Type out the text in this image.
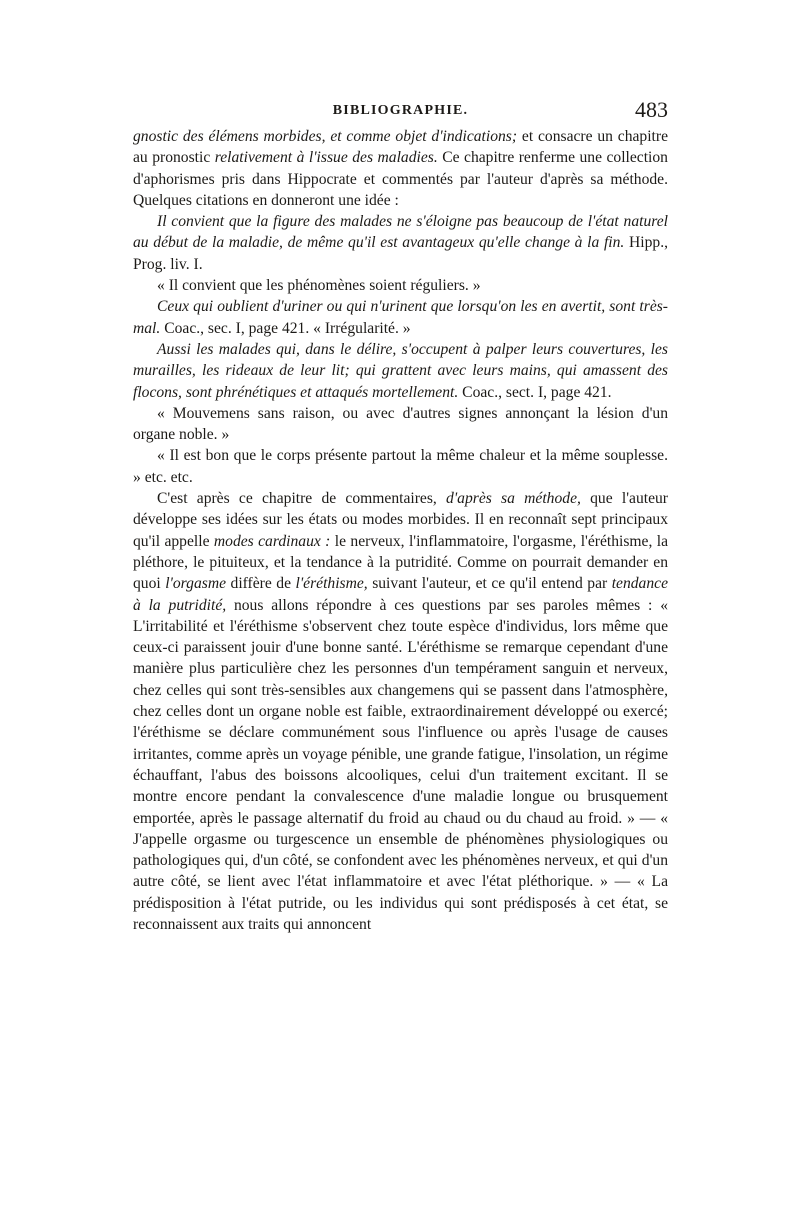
BIBLIOGRAPHIE.	483

gnostic des élémens morbides, et comme objet d'indications; et consacre un chapitre au pronostic relativement à l'issue des maladies. Ce chapitre renferme une collection d'aphorismes pris dans Hippocrate et commentés par l'auteur d'après sa méthode. Quelques citations en donneront une idée :

Il convient que la figure des malades ne s'éloigne pas beaucoup de l'état naturel au début de la maladie, de même qu'il est avantageux qu'elle change à la fin. Hipp., Prog. liv. I.

« Il convient que les phénomènes soient réguliers. »

Ceux qui oublient d'uriner ou qui n'urinent que lorsqu'on les en avertit, sont très-mal. Coac., sec. I, page 421. « Irrégularité. »

Aussi les malades qui, dans le délire, s'occupent à palper leurs couvertures, les murailles, les rideaux de leur lit; qui grattent avec leurs mains, qui amassent des flocons, sont phrénétiques et attaqués mortellement. Coac., sect. I, page 421.

« Mouvemens sans raison, ou avec d'autres signes annonçant la lésion d'un organe noble. »

« Il est bon que le corps présente partout la même chaleur et la même souplesse. » etc. etc.

C'est après ce chapitre de commentaires, d'après sa méthode, que l'auteur développe ses idées sur les états ou modes morbides. Il en reconnaît sept principaux qu'il appelle modes cardinaux : le nerveux, l'inflammatoire, l'orgasme, l'éréthisme, la pléthore, le pituiteux, et la tendance à la putridité. Comme on pourrait demander en quoi l'orgasme diffère de l'éréthisme, suivant l'auteur, et ce qu'il entend par tendance à la putridité, nous allons répondre à ces questions par ses paroles mêmes : « L'irritabilité et l'éréthisme s'observent chez toute espèce d'individus, lors même que ceux-ci paraissent jouir d'une bonne santé. L'éréthisme se remarque cependant d'une manière plus particulière chez les personnes d'un tempérament sanguin et nerveux, chez celles qui sont très-sensibles aux changemens qui se passent dans l'atmosphère, chez celles dont un organe noble est faible, extraordinairement développé ou exercé; l'éréthisme se déclare communément sous l'influence ou après l'usage de causes irritantes, comme après un voyage pénible, une grande fatigue, l'insolation, un régime échauffant, l'abus des boissons alcooliques, celui d'un traitement excitant. Il se montre encore pendant la convalescence d'une maladie longue ou brusquement emportée, après le passage alternatif du froid au chaud ou du chaud au froid. » — « J'appelle orgasme ou turgescence un ensemble de phénomènes physiologiques ou pathologiques qui, d'un côté, se confondent avec les phénomènes nerveux, et qui d'un autre côté, se lient avec l'état inflammatoire et avec l'état pléthorique. » — « La prédisposition à l'état putride, ou les individus qui sont prédisposés à cet état, se reconnaissent aux traits qui annoncent
